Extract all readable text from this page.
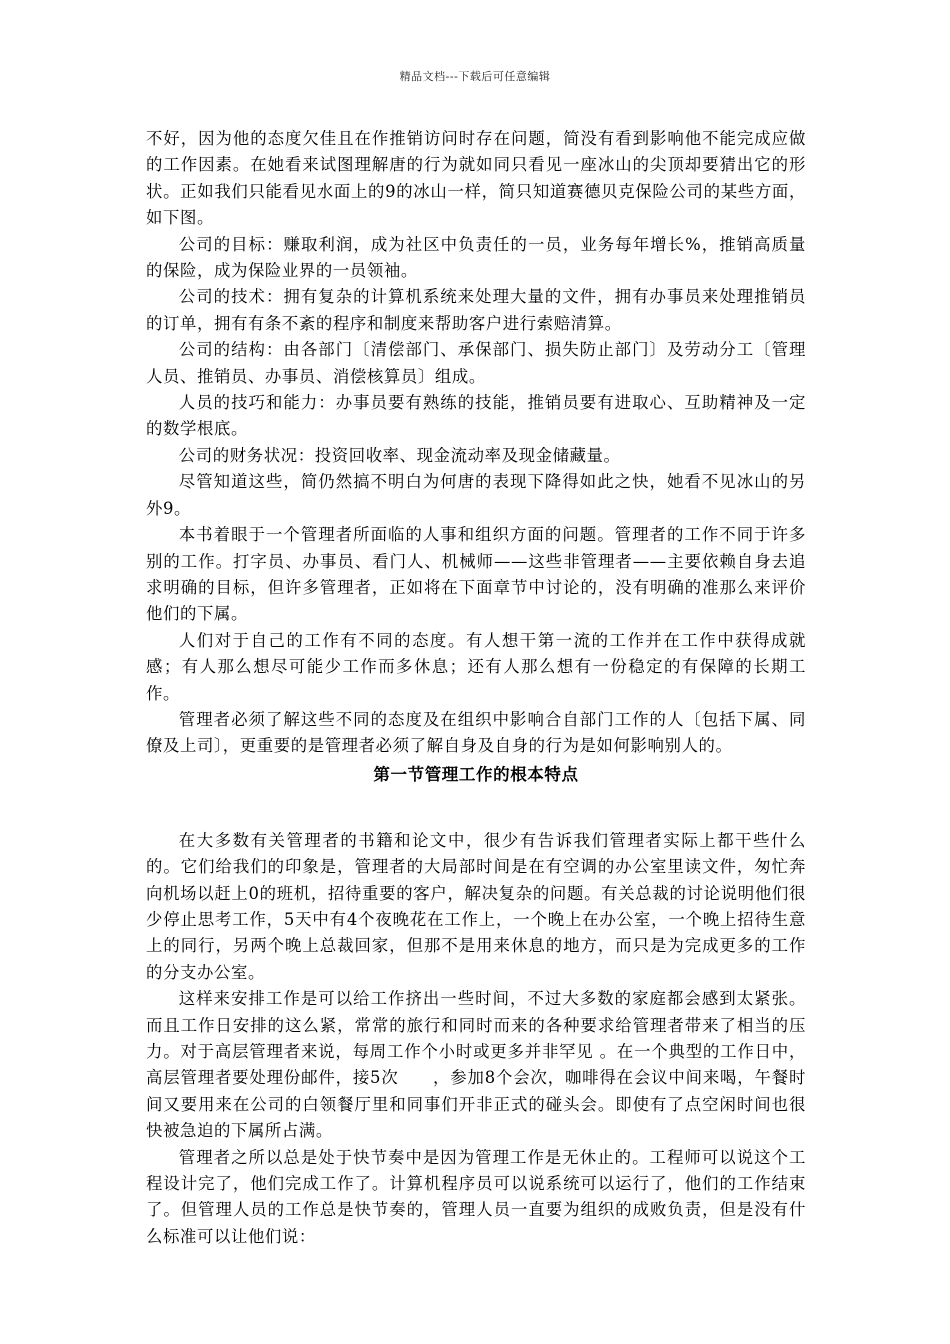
精品文档---下载后可任意编辑

不好，因为他的态度欠佳且在作推销访问时存在问题，简没有看到影响他不能完成应做的工作因素。在她看来试图理解唐的行为就如同只看见一座冰山的尖顶却要猜出它的形状。正如我们只能看见水面上的9的冰山一样，简只知道赛德贝克保险公司的某些方面，如下图。

公司的目标：赚取利润，成为社区中负责任的一员，业务每年增长%，推销高质量的保险，成为保险业界的一员领袖。

公司的技术：拥有复杂的计算机系统来处理大量的文件，拥有办事员来处理推销员的订单，拥有有条不紊的程序和制度来帮助客户进行索赔清算。

公司的结构：由各部门〔清偿部门、承保部门、损失防止部门〕及劳动分工〔管理人员、推销员、办事员、消偿核算员〕组成。

人员的技巧和能力：办事员要有熟练的技能，推销员要有进取心、互助精神及一定的数学根底。

公司的财务状况：投资回收率、现金流动率及现金储藏量。

尽管知道这些，简仍然搞不明白为何唐的表现下降得如此之快，她看不见冰山的另外9。

本书着眼于一个管理者所面临的人事和组织方面的问题。管理者的工作不同于许多别的工作。打字员、办事员、看门人、机械师——这些非管理者——主要依赖自身去追求明确的目标，但许多管理者，正如将在下面章节中讨论的，没有明确的准那么来评价他们的下属。

人们对于自己的工作有不同的态度。有人想干第一流的工作并在工作中获得成就感；有人那么想尽可能少工作而多休息；还有人那么想有一份稳定的有保障的长期工作。

管理者必须了解这些不同的态度及在组织中影响合自部门工作的人〔包括下属、同僚及上司〕，更重要的是管理者必须了解自身及自身的行为是如何影响别人的。

第一节管理工作的根本特点

在大多数有关管理者的书籍和论文中，很少有告诉我们管理者实际上都干些什么的。它们给我们的印象是，管理者的大局部时间是在有空调的办公室里读文件，匆忙奔向机场以赶上0的班机，招待重要的客户，解决复杂的问题。有关总裁的讨论说明他们很少停止思考工作，5天中有4个夜晚花在工作上，一个晚上在办公室，一个晚上招待生意上的同行，另两个晚上总裁回家，但那不是用来休息的地方，而只是为完成更多的工作的分支办公室。

这样来安排工作是可以给工作挤出一些时间，不过大多数的家庭都会感到太紧张。而且工作日安排的这么紧，常常的旅行和同时而来的各种要求给管理者带来了相当的压力。对于高层管理者来说，每周工作个小时或更多并非罕见 。在一个典型的工作日中，高层管理者要处理份邮件，接5次　　，参加8个会次，咖啡得在会议中间来喝，午餐时间又要用来在公司的白领餐厅里和同事们开非正式的碰头会。即使有了点空闲时间也很快被急迫的下属所占满。

管理者之所以总是处于快节奏中是因为管理工作是无休止的。工程师可以说这个工程设计完了，他们完成工作了。计算机程序员可以说系统可以运行了，他们的工作结束了。但管理人员的工作总是快节奏的，管理人员一直要为组织的成败负责，但是没有什么标准可以让他们说：
